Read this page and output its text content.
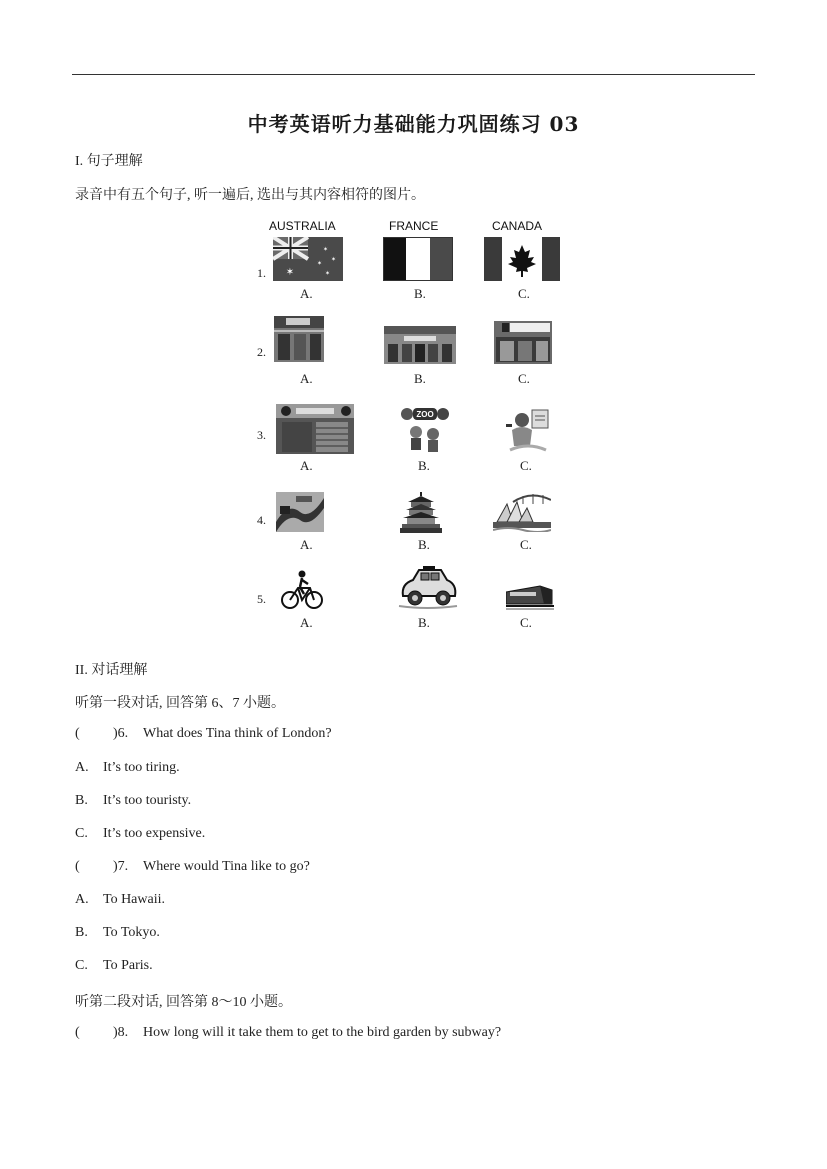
中考英语听力基础能力巩固练习 03
I. 句子理解
录音中有五个句子, 听一遍后, 选出与其内容相符的图片。
AUSTRALIA	FRANCE	CANADA
1. ✶
✶
✶
✶
✶
A.	B.	C.
2.
A.	B.	C.
3.
ZOO
A.	B.	C.
4.
A.	B.	C.
5.
A.	B.	C.
II. 对话理解
听第一段对话, 回答第 6、7 小题。
( )6. What does Tina think of London?
A. It’s too tiring.
B. It’s too touristy.
C. It’s too expensive.
( )7. Where would Tina like to go?
A. To Hawaii.
B. To Tokyo.
C. To Paris.
听第二段对话, 回答第 8～10 小题。
( )8. How long will it take them to get to the bird garden by subway?
